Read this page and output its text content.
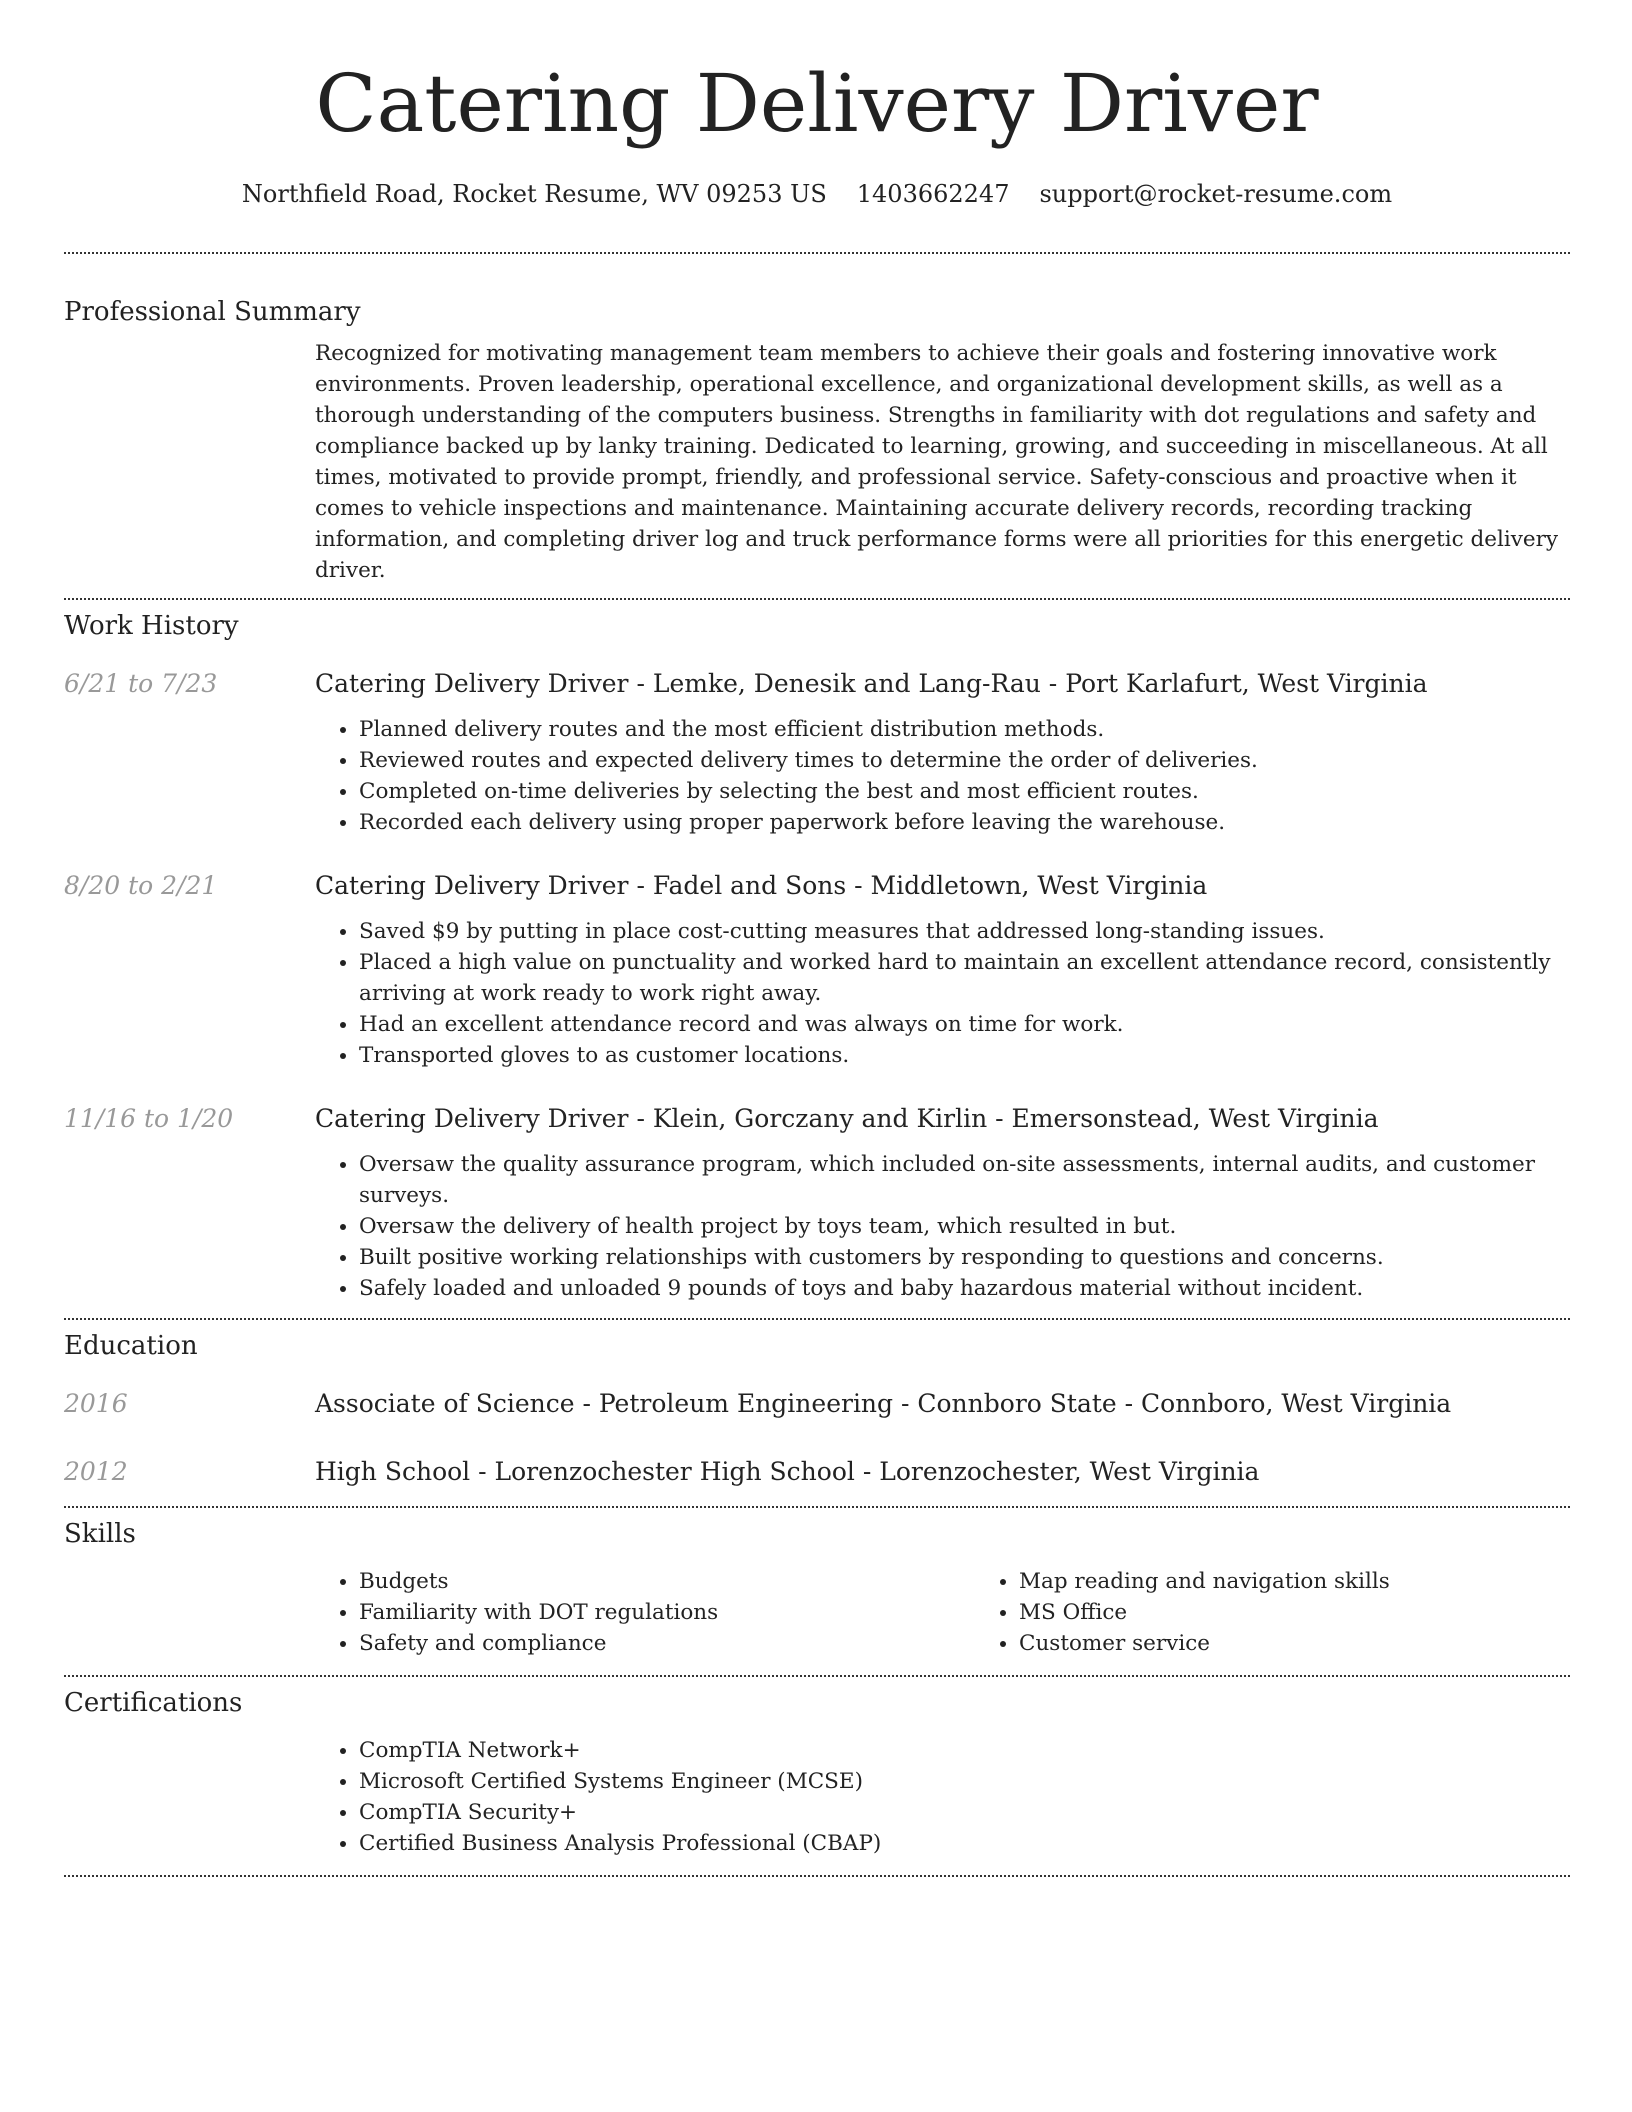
Catering Delivery Driver
Northfield Road, Rocket Resume, WV 09253 US 1403662247 support@rocket-resume.com
Professional Summary
Recognized for motivating management team members to achieve their goals and fostering innovative work environments. Proven leadership, operational excellence, and organizational development skills, as well as a thorough understanding of the computers business. Strengths in familiarity with dot regulations and safety and compliance backed up by lanky training. Dedicated to learning, growing, and succeeding in miscellaneous. At all times, motivated to provide prompt, friendly, and professional service. Safety-conscious and proactive when it comes to vehicle inspections and maintenance. Maintaining accurate delivery records, recording tracking information, and completing driver log and truck performance forms were all priorities for this energetic delivery driver.
Work History
6/21 to 7/23	Catering Delivery Driver - Lemke, Denesik and Lang-Rau - Port Karlafurt, West Virginia
• Planned delivery routes and the most efficient distribution methods.
• Reviewed routes and expected delivery times to determine the order of deliveries.
• Completed on-time deliveries by selecting the best and most efficient routes.
• Recorded each delivery using proper paperwork before leaving the warehouse.
8/20 to 2/21	Catering Delivery Driver - Fadel and Sons - Middletown, West Virginia
• Saved $9 by putting in place cost-cutting measures that addressed long-standing issues.
• Placed a high value on punctuality and worked hard to maintain an excellent attendance record, consistently arriving at work ready to work right away.
• Had an excellent attendance record and was always on time for work.
• Transported gloves to as customer locations.
11/16 to 1/20	Catering Delivery Driver - Klein, Gorczany and Kirlin - Emersonstead, West Virginia
• Oversaw the quality assurance program, which included on-site assessments, internal audits, and customer surveys.
• Oversaw the delivery of health project by toys team, which resulted in but.
• Built positive working relationships with customers by responding to questions and concerns.
• Safely loaded and unloaded 9 pounds of toys and baby hazardous material without incident.
Education
2016	Associate of Science - Petroleum Engineering - Connboro State - Connboro, West Virginia
2012	High School - Lorenzochester High School - Lorenzochester, West Virginia
Skills
• Budgets
• Familiarity with DOT regulations
• Safety and compliance
• Map reading and navigation skills
• MS Office
• Customer service
Certifications
• CompTIA Network+
• Microsoft Certified Systems Engineer (MCSE)
• CompTIA Security+
• Certified Business Analysis Professional (CBAP)
